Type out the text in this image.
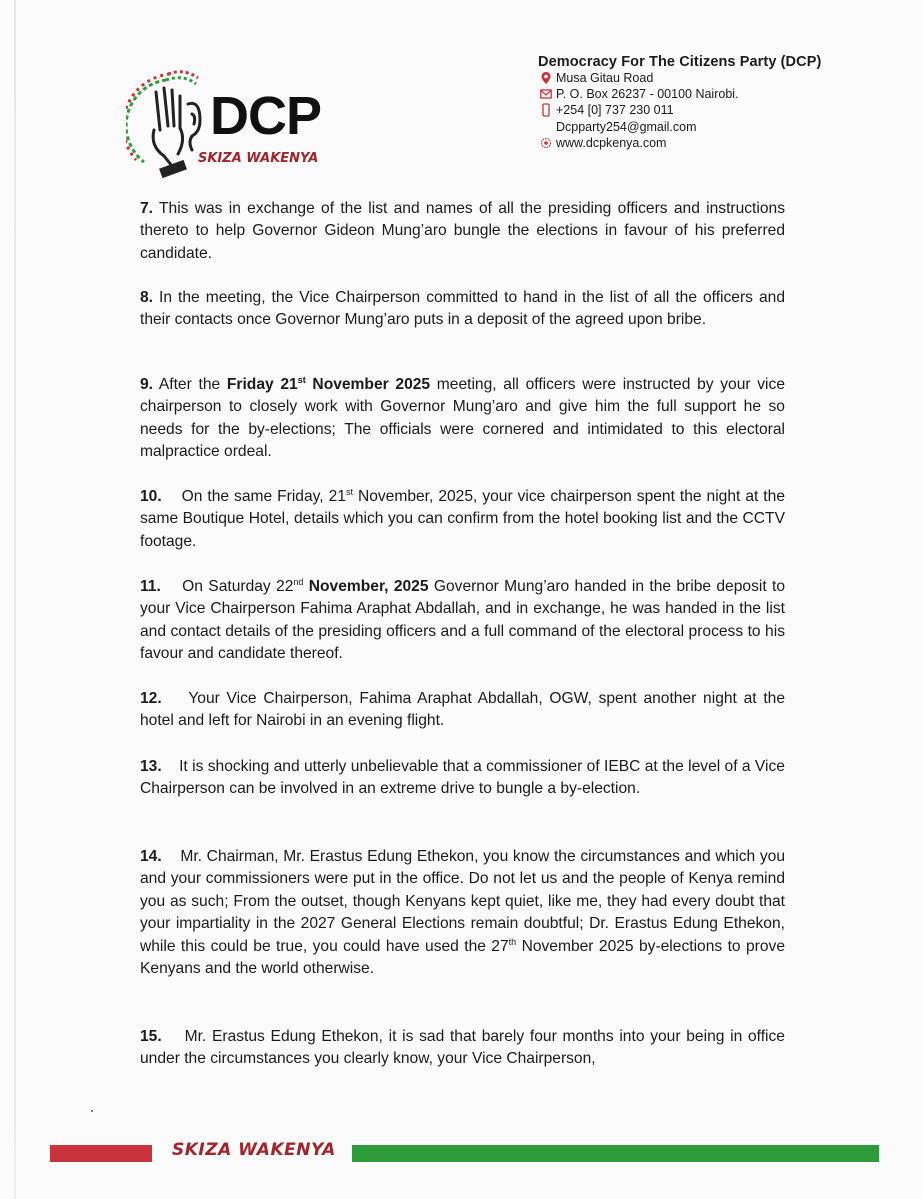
DCP
SKIZA WAKENYA
Democracy For The Citizens Party (DCP)
Musa Gitau Road
P. O. Box 26237 - 00100 Nairobi.
+254 [0] 737 230 011
Dcpparty254@gmail.com
www.dcpkenya.com
7. This was in exchange of the list and names of all the presiding officers and instructions thereto to help Governor Gideon Mung’aro bungle the elections in favour of his preferred candidate.
8. In the meeting, the Vice Chairperson committed to hand in the list of all the officers and their contacts once Governor Mung’aro puts in a deposit of the agreed upon bribe.
9. After the Friday 21st November 2025 meeting, all officers were instructed by your vice chairperson to closely work with Governor Mung’aro and give him the full support he so needs for the by-elections; The officials were cornered and intimidated to this electoral malpractice ordeal.
10. On the same Friday, 21st November, 2025, your vice chairperson spent the night at the same Boutique Hotel, details which you can confirm from the hotel booking list and the CCTV footage.
11. On Saturday 22nd November, 2025 Governor Mung’aro handed in the bribe deposit to your Vice Chairperson Fahima Araphat Abdallah, and in exchange, he was handed in the list and contact details of the presiding officers and a full command of the electoral process to his favour and candidate thereof.
12. Your Vice Chairperson, Fahima Araphat Abdallah, OGW, spent another night at the hotel and left for Nairobi in an evening flight.
13. It is shocking and utterly unbelievable that a commissioner of IEBC at the level of a Vice Chairperson can be involved in an extreme drive to bungle a by-election.
14. Mr. Chairman, Mr. Erastus Edung Ethekon, you know the circumstances and which you and your commissioners were put in the office. Do not let us and the people of Kenya remind you as such; From the outset, though Kenyans kept quiet, like me, they had every doubt that your impartiality in the 2027 General Elections remain doubtful; Dr. Erastus Edung Ethekon, while this could be true, you could have used the 27th November 2025 by-elections to prove Kenyans and the world otherwise.
15. Mr. Erastus Edung Ethekon, it is sad that barely four months into your being in office under the circumstances you clearly know, your Vice Chairperson,
SKIZA WAKENYA
